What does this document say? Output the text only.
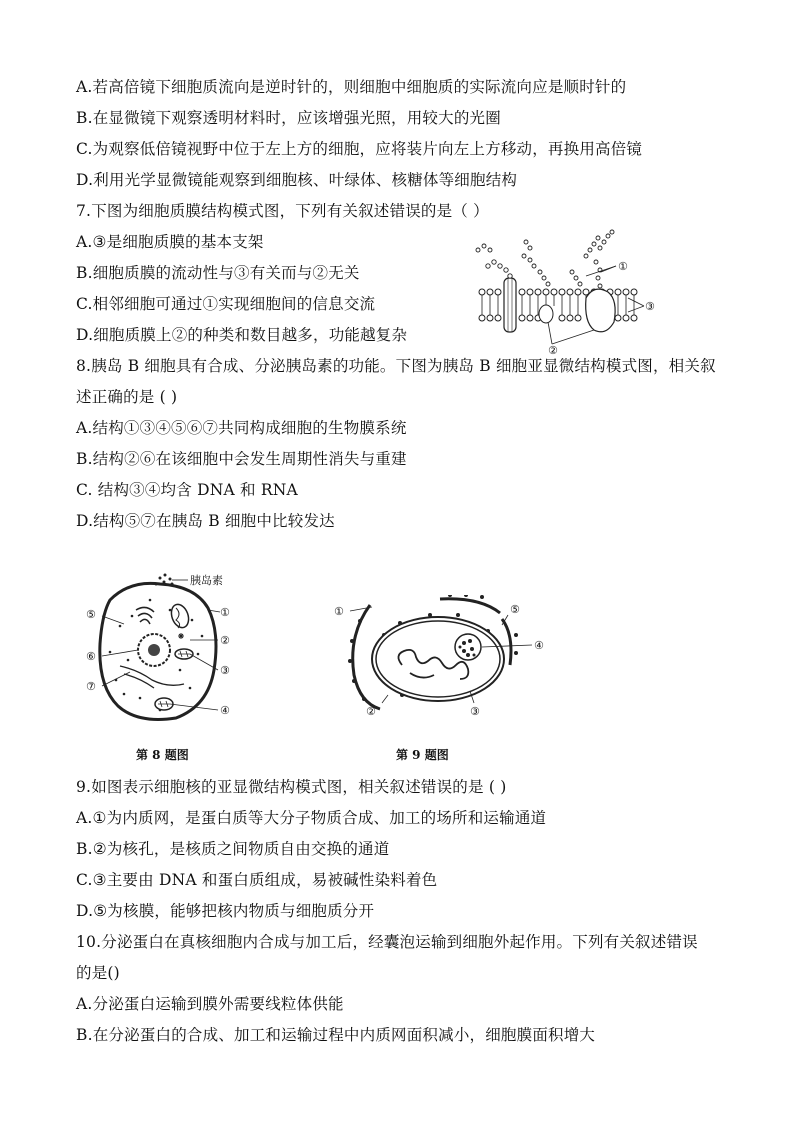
A.若高倍镜下细胞质流向是逆时针的，则细胞中细胞质的实际流向应是顺时针的
B.在显微镜下观察透明材料时，应该增强光照，用较大的光圈
C.为观察低倍镜视野中位于左上方的细胞，应将装片向左上方移动，再换用高倍镜
D.利用光学显微镜能观察到细胞核、叶绿体、核糖体等细胞结构
7.下图为细胞质膜结构模式图，下列有关叙述错误的是（ ）
A.③是细胞质膜的基本支架
B.细胞质膜的流动性与③有关而与②无关
C.相邻细胞可通过①实现细胞间的信息交流
D.细胞质膜上②的种类和数目越多，功能越复杂
8.胰岛 B 细胞具有合成、分泌胰岛素的功能。下图为胰岛 B 细胞亚显微结构模式图，相关叙
述正确的是 ( )
A.结构①③④⑤⑥⑦共同构成细胞的生物膜系统
B.结构②⑥在该细胞中会发生周期性消失与重建
C. 结构③④均含 DNA 和 RNA
D.结构⑤⑦在胰岛 B 细胞中比较发达
9.如图表示细胞核的亚显微结构模式图，相关叙述错误的是 ( )
A.①为内质网，是蛋白质等大分子物质合成、加工的场所和运输通道
B.②为核孔，是核质之间物质自由交换的通道
C.③主要由 DNA 和蛋白质组成，易被碱性染料着色
D.⑤为核膜，能够把核内物质与细胞质分开
10.分泌蛋白在真核细胞内合成与加工后，经囊泡运输到细胞外起作用。下列有关叙述错误
的是()
A.分泌蛋白运输到膜外需要线粒体供能
B.在分泌蛋白的合成、加工和运输过程中内质网面积减小，细胞膜面积增大
①
②
③
胰岛素
①
②
③
④
⑤
⑥
⑦
第 8 题图
①
②	③
④
⑤
第 9 题图
